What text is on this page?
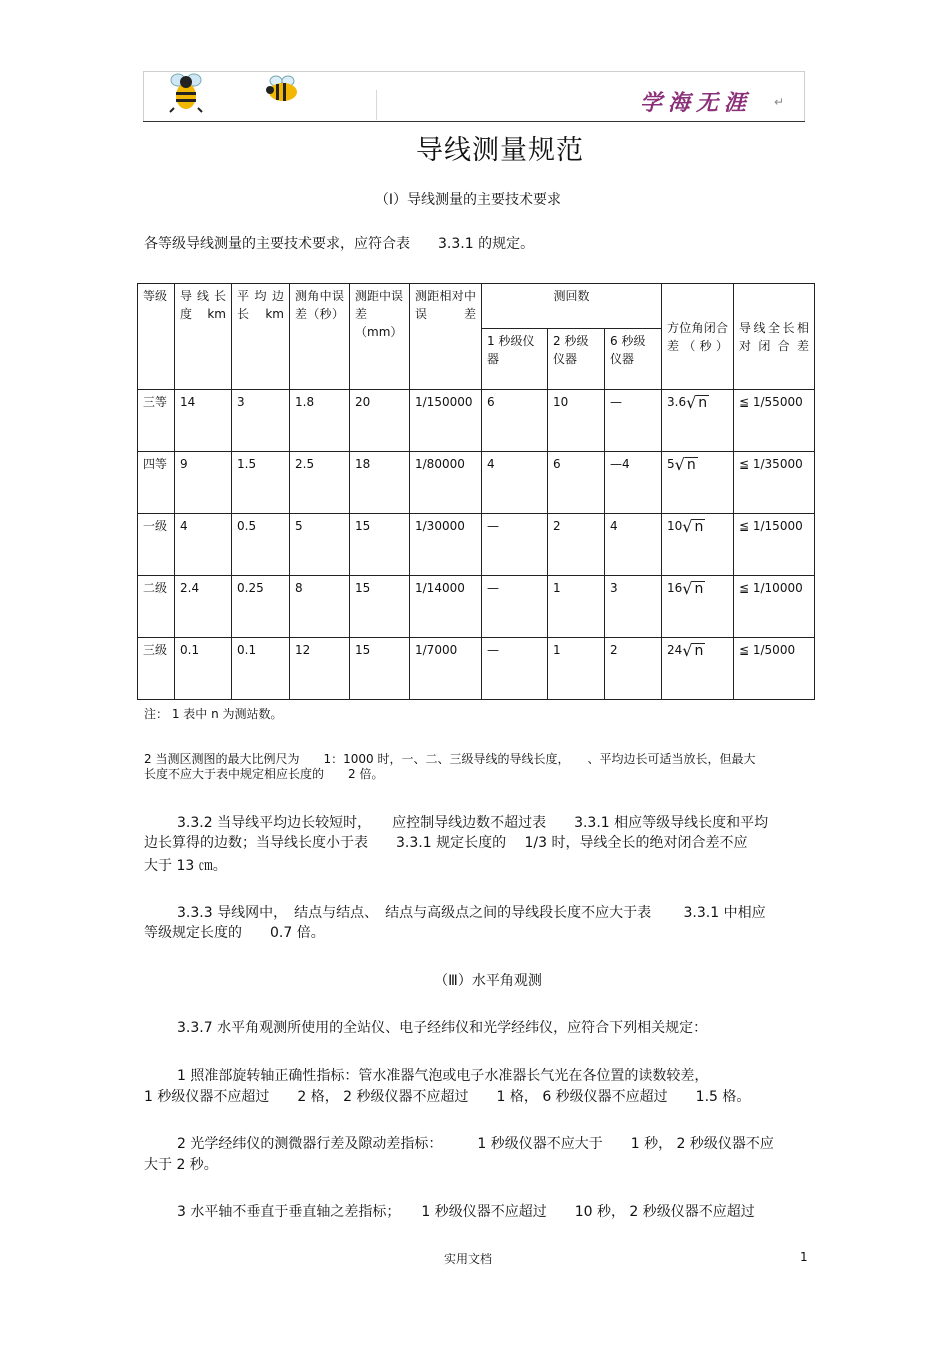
学海无涯 ↵
导线测量规范
（Ⅰ）导线测量的主要技术要求

各等级导线测量的主要技术要求，应符合表　　3.3.1 的规定。

等级	导线长度 km	平均边长 km	测角中误差（秒）	测距中误差（mm）	测距相对中误差	测回数			方位角闭合差（秒）	导线全长相对闭合差
						1 秒级仪器	2 秒级仪器	6 秒级仪器		
三等	14	3	1.8	20	1/150000	6	10	—	3.6 √ n	≦ 1/55000
四等	9	1.5	2.5	18	1/80000	4	6	—4	5 √ n	≦ 1/35000
一级	4	0.5	5	15	1/30000	—	2	4	10 √ n	≦ 1/15000
二级	2.4	0.25	8	15	1/14000	—	1	3	16 √ n	≦ 1/10000
三级	0.1	0.1	12	15	1/7000	—	1	2	24 √ n	≦ 1/5000

注： 1 表中 n 为测站数。

2 当测区测图的最大比例尺为　　1：1000 时，一、二、三级导线的导线长度，　　、平均边长可适当放长，但最大

长度不应大于表中规定相应长度的　　2 倍。

3.3.2 当导线平均边长较短时，　　应控制导线边数不超过表　　3.3.1 相应等级导线长度和平均

边长算得的边数；当导线长度小于表　　3.3.1 规定长度的　 1/3 时，导线全长的绝对闭合差不应

大于 13 ㎝。

3.3.3 导线网中，　结点与结点、　结点与高级点之间的导线段长度不应大于表　　 3.3.1 中相应

等级规定长度的　　0.7 倍。

（Ⅲ）水平角观测

3.3.7 水平角观测所使用的全站仪、电子经纬仪和光学经纬仪，应符合下列相关规定：

1 照准部旋转轴正确性指标：管水准器气泡或电子水准器长气光在各位置的读数较差，

1 秒级仪器不应超过　　2 格， 2 秒级仪器不应超过　　1 格， 6 秒级仪器不应超过　　1.5 格。

2 光学经纬仪的测微器行差及隙动差指标：　　　1 秒级仪器不应大于　　1 秒， 2 秒级仪器不应

大于 2 秒。

3 水平轴不垂直于垂直轴之差指标；　　1 秒级仪器不应超过　　10 秒， 2 秒级仪器不应超过

实用文档	1
